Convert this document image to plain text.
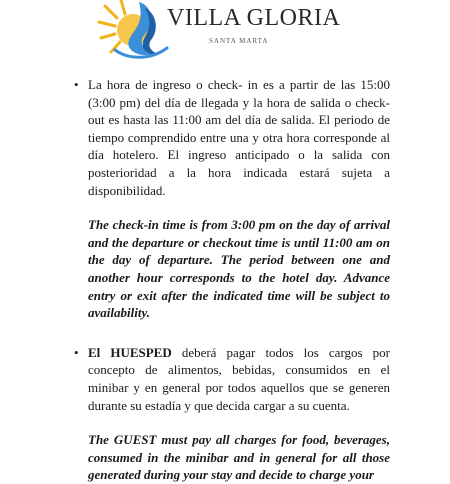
VILLA GLORIA
SANTA MARTA

• La hora de ingreso o check- in es a partir de las 15:00 (3:00 pm) del día de llegada y la hora de salida o check-out es hasta las 11:00 am del día de salida. El periodo de tiempo comprendido entre una y otra hora corresponde al día hotelero. El ingreso anticipado o la salida con posterioridad a la hora indicada estará sujeta a disponibilidad.

The check-in time is from 3:00 pm on the day of arrival and the departure or checkout time is until 11:00 am on the day of departure. The period between one and another hour corresponds to the hotel day. Advance entry or exit after the indicated time will be subject to availability.

• El HUESPED deberá pagar todos los cargos por concepto de alimentos, bebidas, consumidos en el minibar y en general por todos aquellos que se generen durante su estadía y que decida cargar a su cuenta.

The GUEST must pay all charges for food, beverages, consumed in the minibar and in general for all those generated during your stay and decide to charge your
